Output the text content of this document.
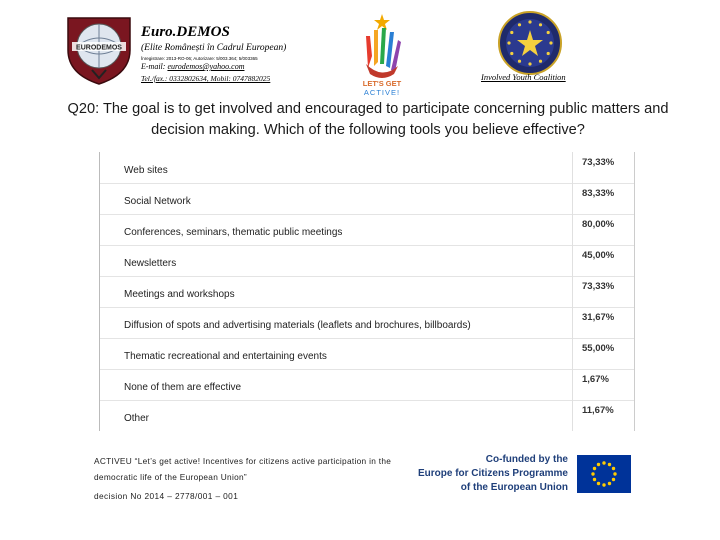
EURODEMOS
Euro.DEMOS
(Elite Românești în Cadrul European)
Înregistrare: 2013-RO-06; Autorizare: 5/003.364; 5/003365
E-mail: eurodemos@yahoo.com
Tel./fax.: 0332802634, Mobil: 0747882025
LET'S GET
ACTIVE!
Involved Youth Coalition
Q20: The goal is to get involved and encouraged to participate concerning public matters and decision making. Which of the following tools you believe effective?
Web sites
73,33%
Social Network
83,33%
Conferences, seminars, thematic public meetings
80,00%
Newsletters
45,00%
Meetings and workshops
73,33%
Diffusion of spots and advertising materials (leaflets and brochures, billboards)
31,67%
Thematic recreational and entertaining events
55,00%
None of them are effective
1,67%
Other
11,67%
ACTIVEU “Let’s get active! Incentives for citizens active participation in the democratic life of the European Union”
decision No 2014 – 2778/001 – 001
Co-funded by the
Europe for Citizens Programme
of the European Union
